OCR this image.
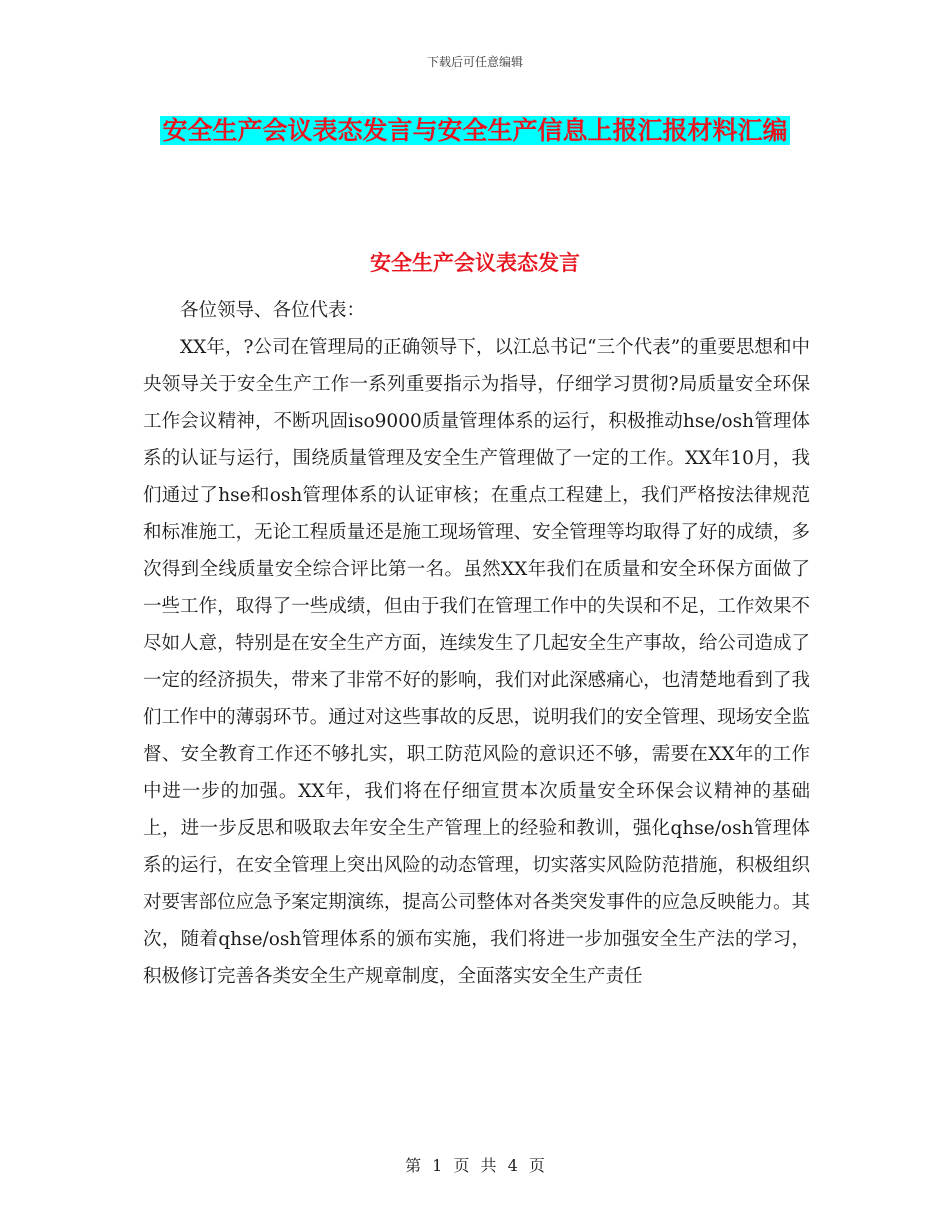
下载后可任意编辑
安全生产会议表态发言与安全生产信息上报汇报材料汇编
安全生产会议表态发言

各位领导、各位代表：

XX年，?公司在管理局的正确领导下，以江总书记“三个代表”的重要思想和中央领导关于安全生产工作一系列重要指示为指导，仔细学习贯彻?局质量安全环保工作会议精神，不断巩固iso9000质量管理体系的运行，积极推动hse/osh管理体系的认证与运行，围绕质量管理及安全生产管理做了一定的工作。XX年10月，我们通过了hse和osh管理体系的认证审核；在重点工程建上，我们严格按法律规范和标准施工，无论工程质量还是施工现场管理、安全管理等均取得了好的成绩，多次得到全线质量安全综合评比第一名。虽然XX年我们在质量和安全环保方面做了一些工作，取得了一些成绩，但由于我们在管理工作中的失误和不足，工作效果不尽如人意，特别是在安全生产方面，连续发生了几起安全生产事故，给公司造成了一定的经济损失，带来了非常不好的影响，我们对此深感痛心，也清楚地看到了我们工作中的薄弱环节。通过对这些事故的反思，说明我们的安全管理、现场安全监督、安全教育工作还不够扎实，职工防范风险的意识还不够，需要在XX年的工作中进一步的加强。XX年，我们将在仔细宣贯本次质量安全环保会议精神的基础上，进一步反思和吸取去年安全生产管理上的经验和教训，强化qhse/osh管理体系的运行，在安全管理上突出风险的动态管理，切实落实风险防范措施，积极组织对要害部位应急予案定期演练，提高公司整体对各类突发事件的应急反映能力。其次，随着qhse/osh管理体系的颁布实施，我们将进一步加强安全生产法的学习，积极修订完善各类安全生产规章制度，全面落实安全生产责任

第 1 页 共 4 页
